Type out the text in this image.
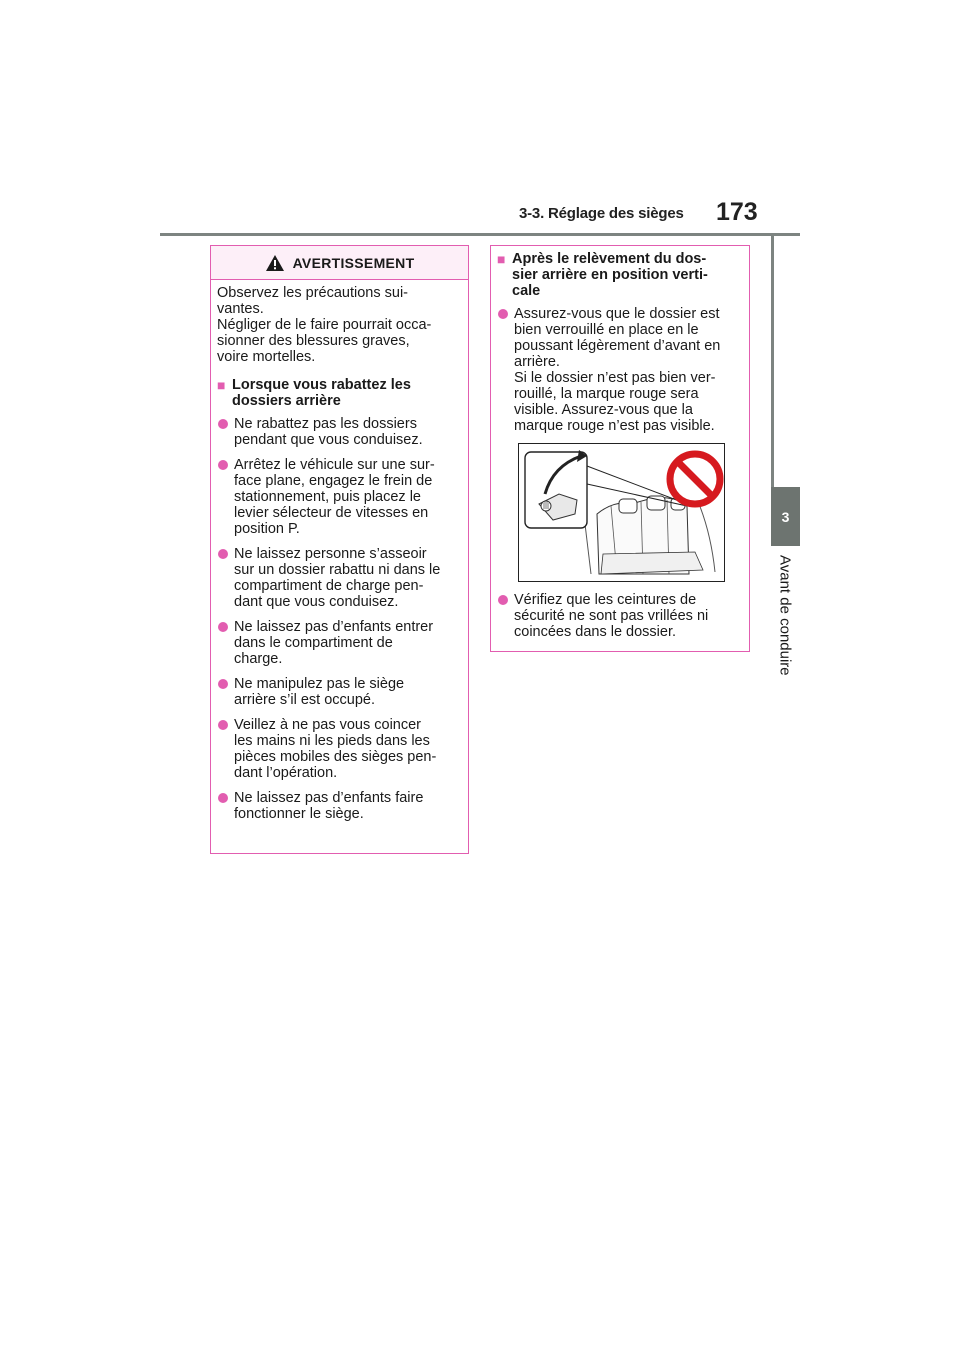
3-3. Réglage des sièges 173
3
Avant de conduire
AVERTISSEMENT

Observez les précautions sui-
vantes.
Négliger de le faire pourrait occa-
sionner des blessures graves,
voire mortelles.

■ Lorsque vous rabattez les
dossiers arrière
Ne rabattez pas les dossiers
pendant que vous conduisez.
Arrêtez le véhicule sur une sur-
face plane, engagez le frein de
stationnement, puis placez le
levier sélecteur de vitesses en
position P.
Ne laissez personne s’asseoir
sur un dossier rabattu ni dans le
compartiment de charge pen-
dant que vous conduisez.
Ne laissez pas d’enfants entrer
dans le compartiment de
charge.
Ne manipulez pas le siège
arrière s’il est occupé.
Veillez à ne pas vous coincer
les mains ni les pieds dans les
pièces mobiles des sièges pen-
dant l’opération.
Ne laissez pas d’enfants faire
fonctionner le siège.
■ Après le relèvement du dos-
sier arrière en position verti-
cale
Assurez-vous que le dossier est
bien verrouillé en place en le
poussant légèrement d’avant en
arrière.
Si le dossier n’est pas bien ver-
rouillé, la marque rouge sera
visible. Assurez-vous que la
marque rouge n’est pas visible.
Vérifiez que les ceintures de
sécurité ne sont pas vrillées ni
coincées dans le dossier.
